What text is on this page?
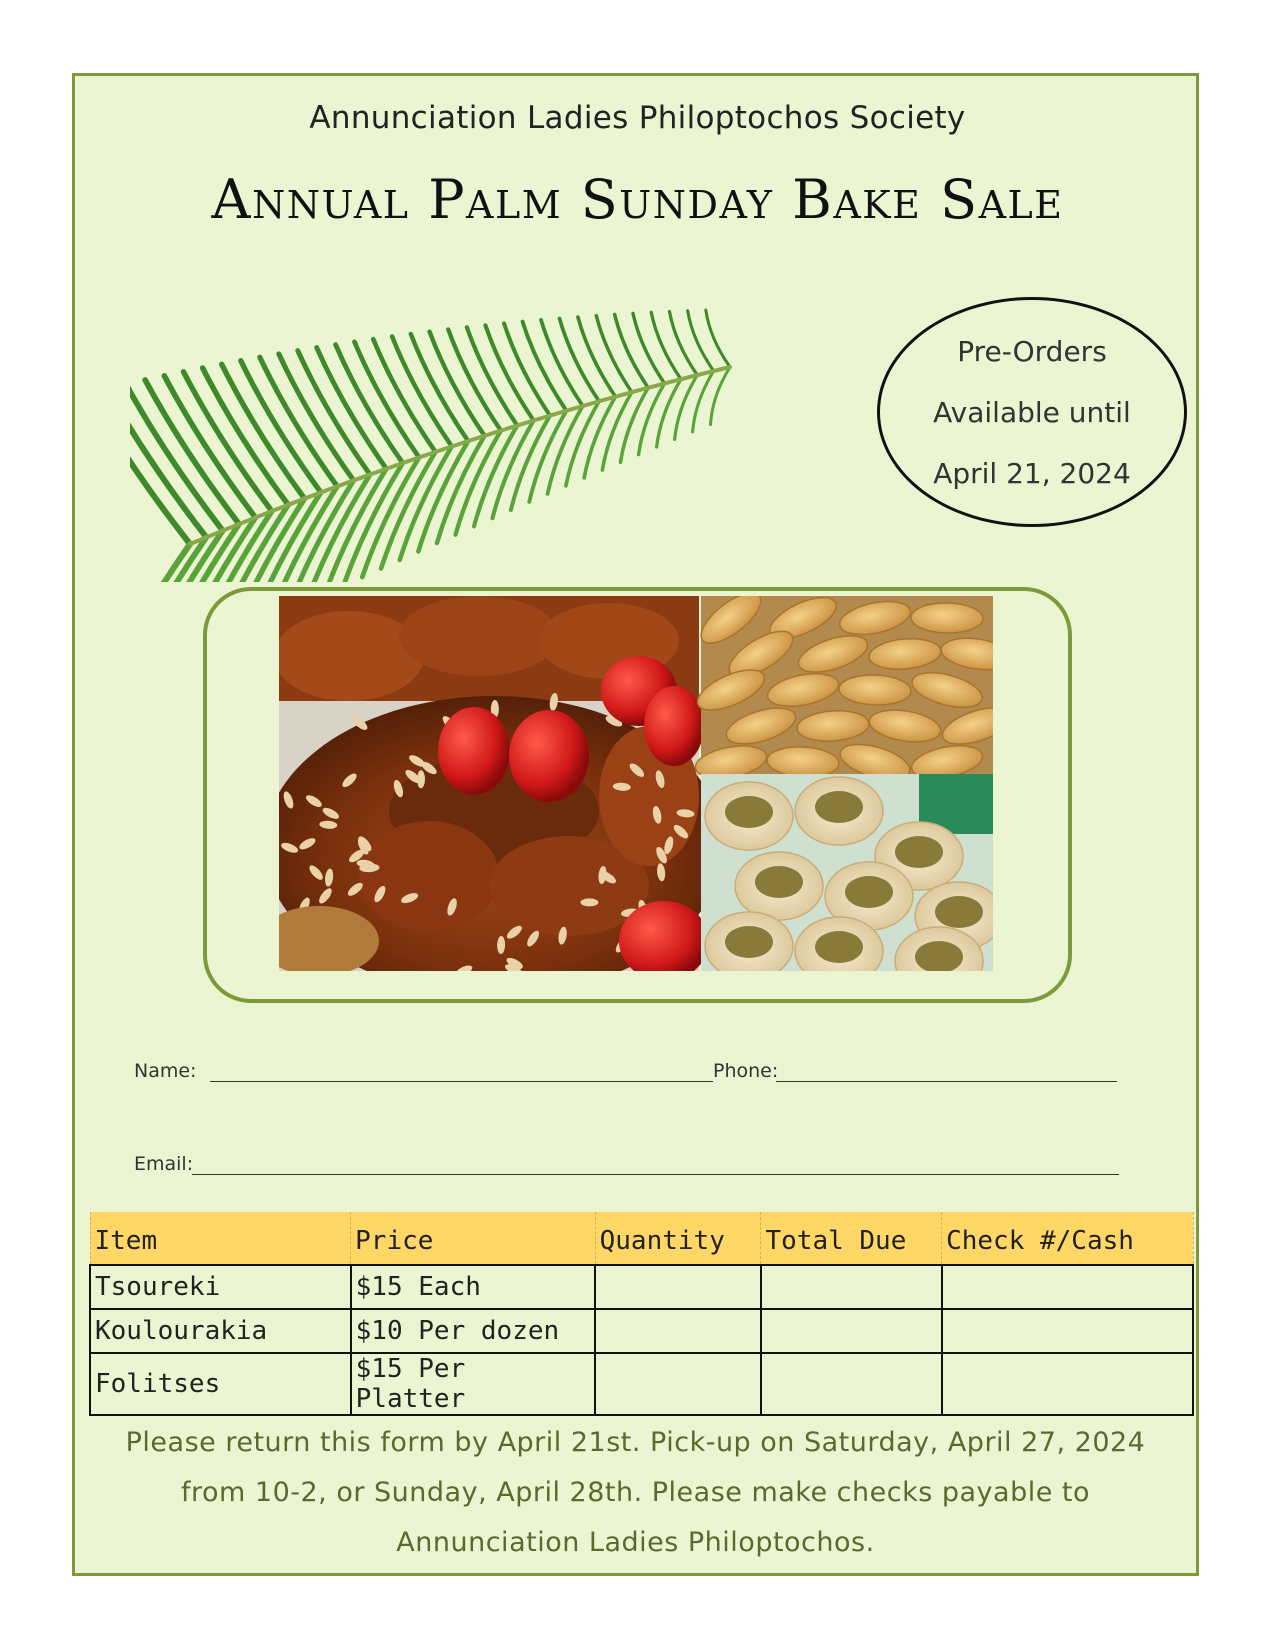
Annunciation Ladies Philoptochos Society
Annual Palm Sunday Bake Sale
Pre-Orders
Available until
April 21, 2024
Name:	Phone:
Email:
Item	Price	Quantity	Total Due	Check #/Cash
Tsoureki	$15 Each			
Koulourakia	$10 Per dozen			
Folitses	$15 Per Platter			
Please return this form by April 21st. Pick-up on Saturday, April 27, 2024
from 10-2, or Sunday, April 28th. Please make checks payable to
Annunciation Ladies Philoptochos.
